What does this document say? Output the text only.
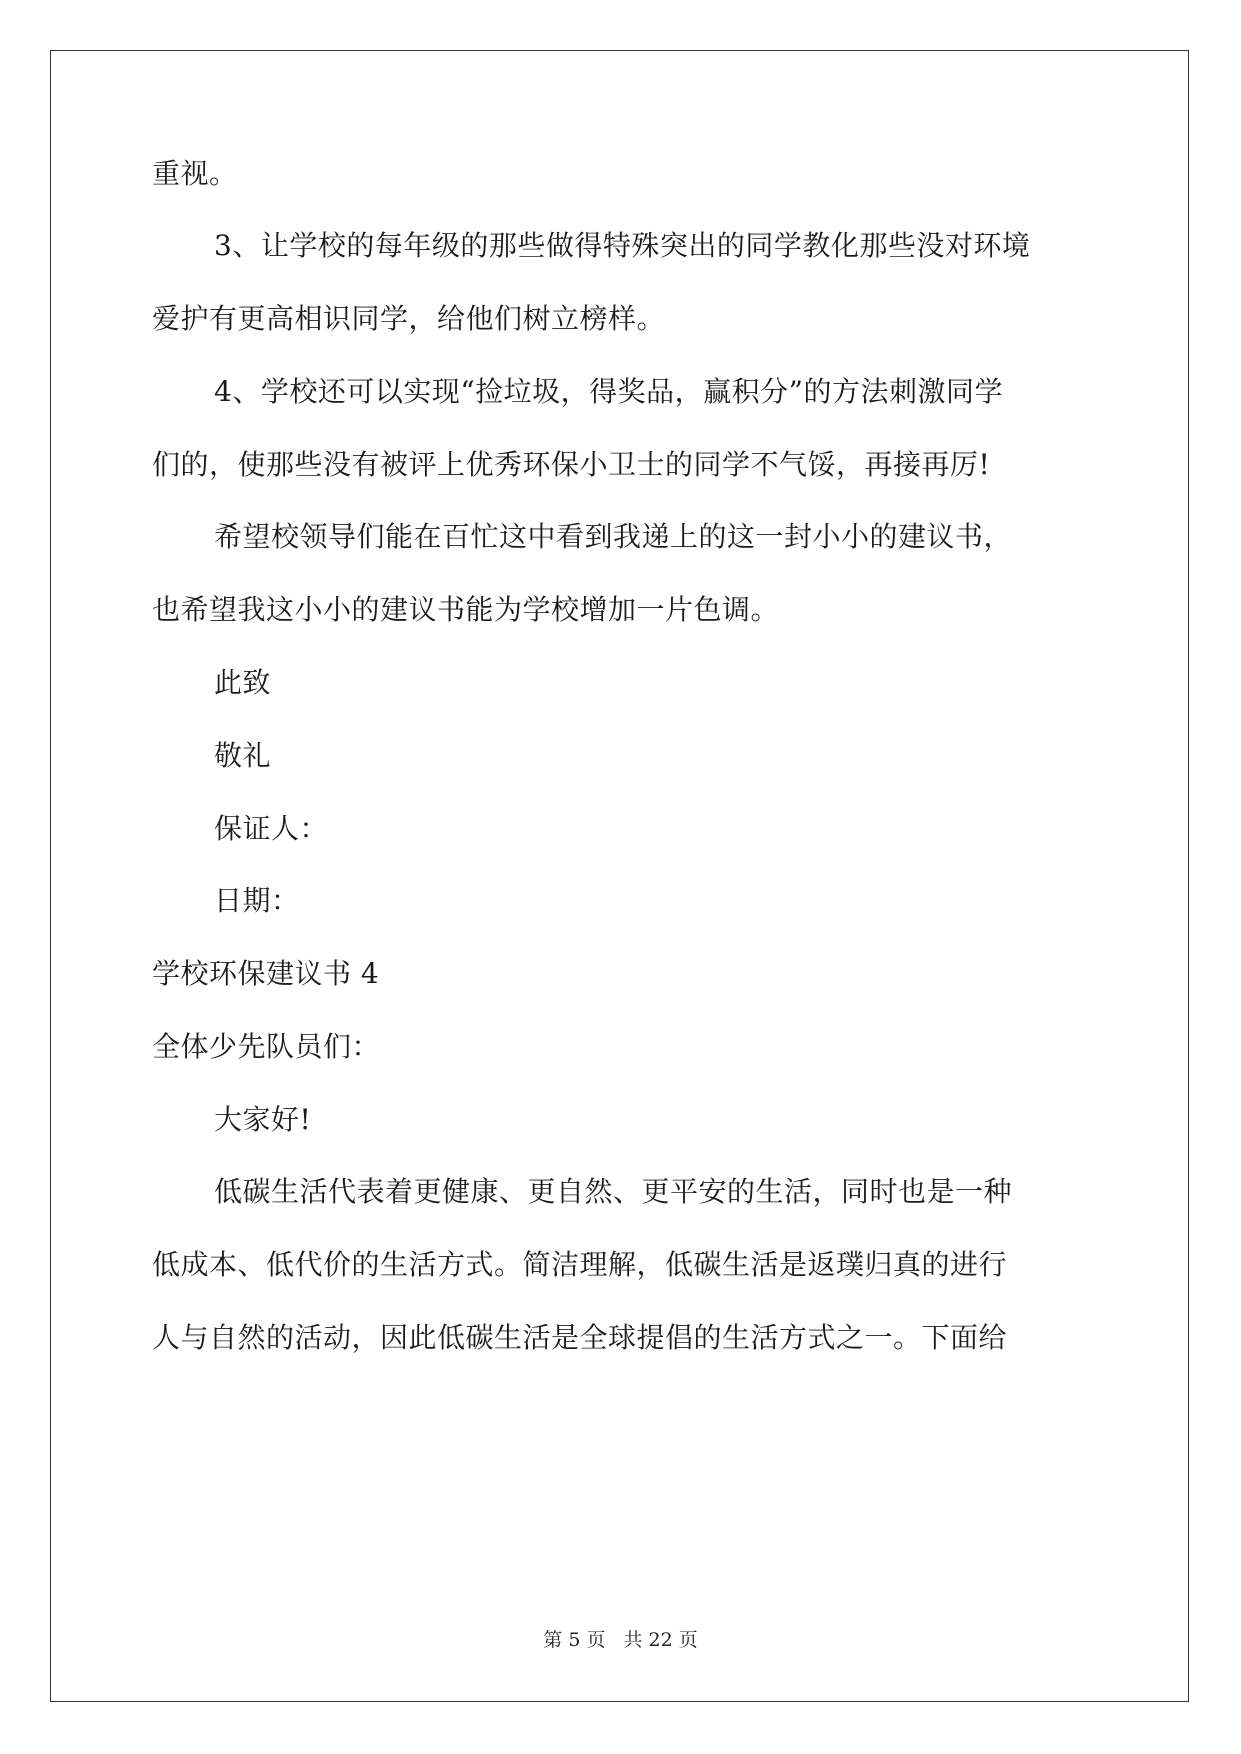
重视。
3、让学校的每年级的那些做得特殊突出的同学教化那些没对环境
爱护有更高相识同学，给他们树立榜样。
4、学校还可以实现“捡垃圾，得奖品，赢积分”的方法刺激同学
们的，使那些没有被评上优秀环保小卫士的同学不气馁，再接再厉!
希望校领导们能在百忙这中看到我递上的这一封小小的建议书，
也希望我这小小的建议书能为学校增加一片色调。
此致
敬礼
保证人：
日期：
学校环保建议书 4
全体少先队员们：
大家好!
低碳生活代表着更健康、更自然、更平安的生活，同时也是一种
低成本、低代价的生活方式。简洁理解，低碳生活是返璞归真的进行
人与自然的活动，因此低碳生活是全球提倡的生活方式之一。下面给
第 5 页 共 22 页
